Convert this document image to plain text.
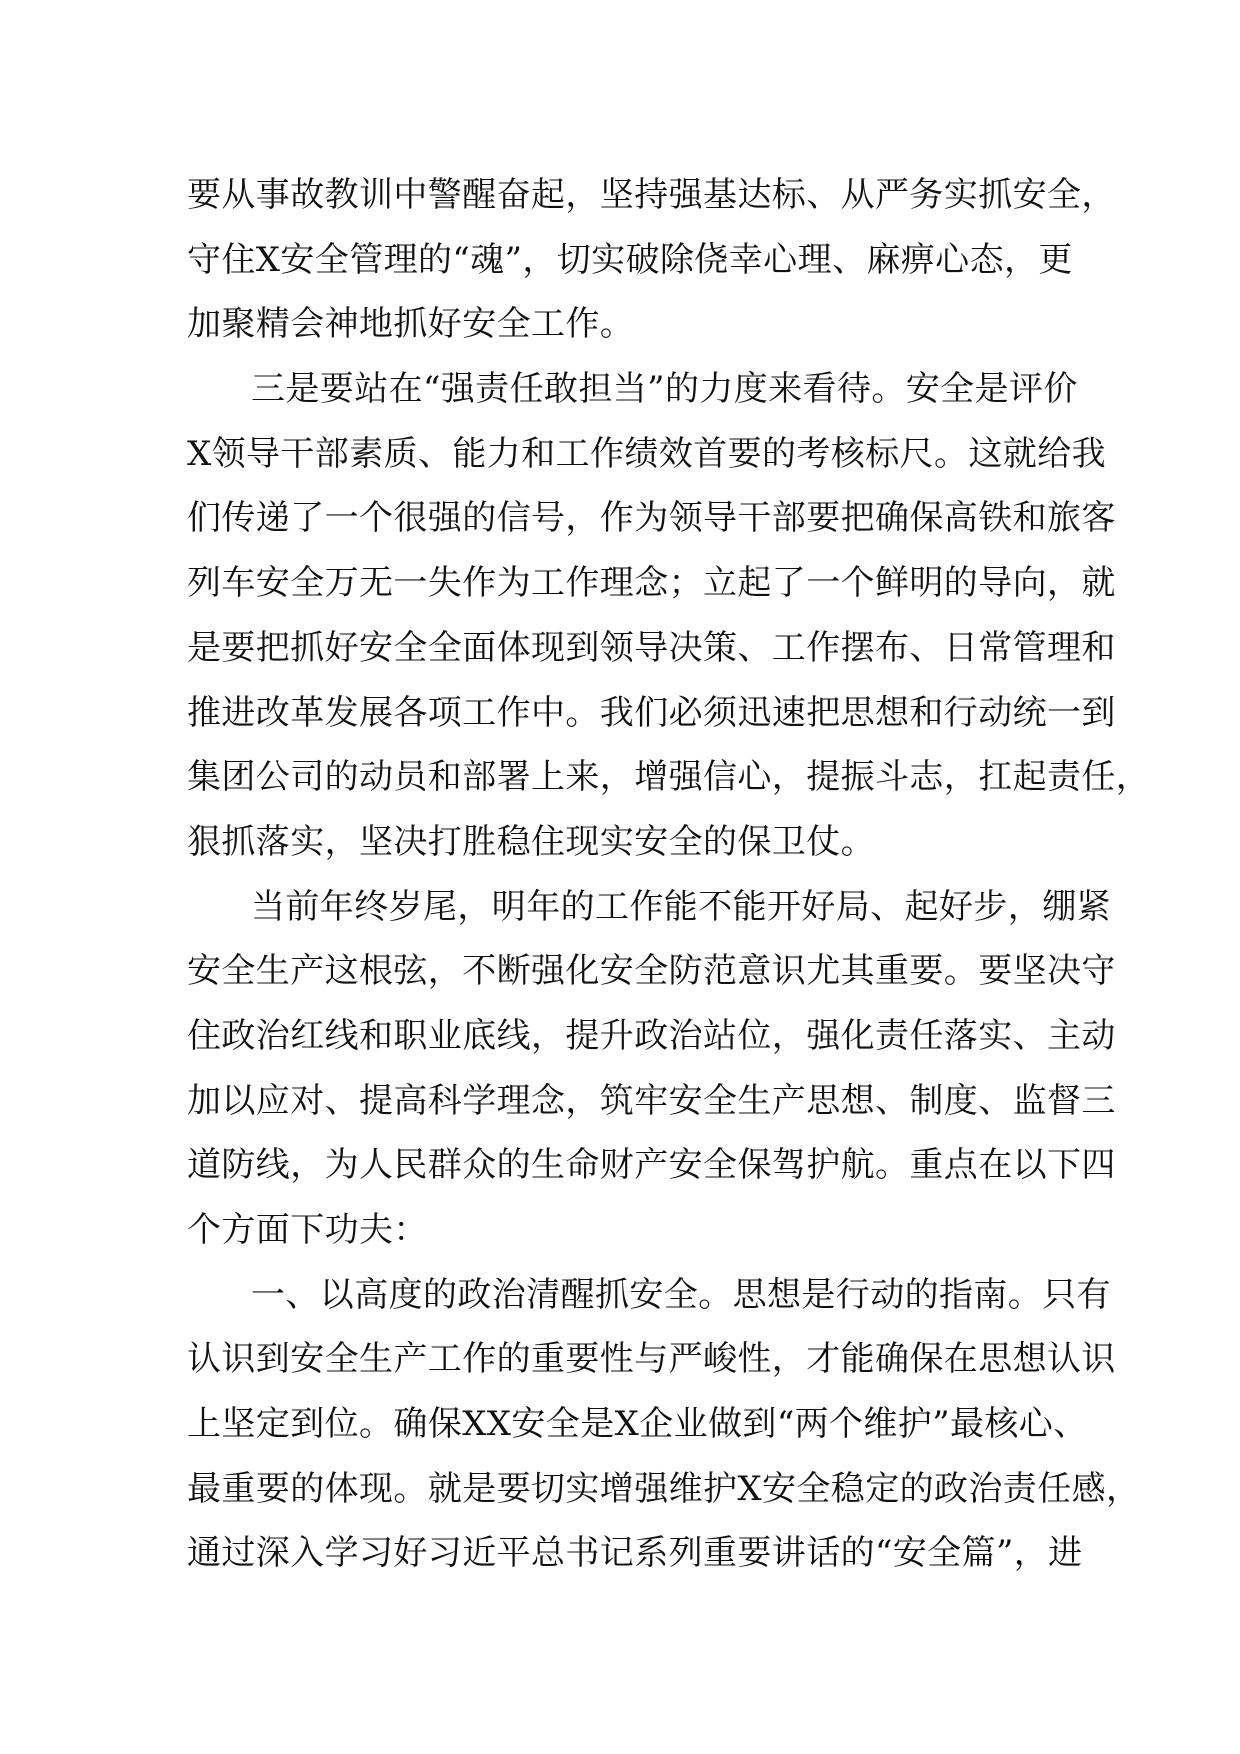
要从事故教训中警醒奋起，坚持强基达标、从严务实抓安全，

守住X安全管理的“魂”，切实破除侥幸心理、麻痹心态，更

加聚精会神地抓好安全工作。

三是要站在“强责任敢担当”的力度来看待。安全是评价

X领导干部素质、能力和工作绩效首要的考核标尺。这就给我

们传递了一个很强的信号，作为领导干部要把确保高铁和旅客

列车安全万无一失作为工作理念；立起了一个鲜明的导向，就

是要把抓好安全全面体现到领导决策、工作摆布、日常管理和

推进改革发展各项工作中。我们必须迅速把思想和行动统一到

集团公司的动员和部署上来，增强信心，提振斗志，扛起责任，

狠抓落实，坚决打胜稳住现实安全的保卫仗。

当前年终岁尾，明年的工作能不能开好局、起好步，绷紧

安全生产这根弦，不断强化安全防范意识尤其重要。要坚决守

住政治红线和职业底线，提升政治站位，强化责任落实、主动

加以应对、提高科学理念，筑牢安全生产思想、制度、监督三

道防线，为人民群众的生命财产安全保驾护航。重点在以下四

个方面下功夫：

一、以高度的政治清醒抓安全。思想是行动的指南。只有

认识到安全生产工作的重要性与严峻性，才能确保在思想认识

上坚定到位。确保XX安全是X企业做到“两个维护”最核心、

最重要的体现。就是要切实增强维护X安全稳定的政治责任感，

通过深入学习好习近平总书记系列重要讲话的“安全篇”，进
